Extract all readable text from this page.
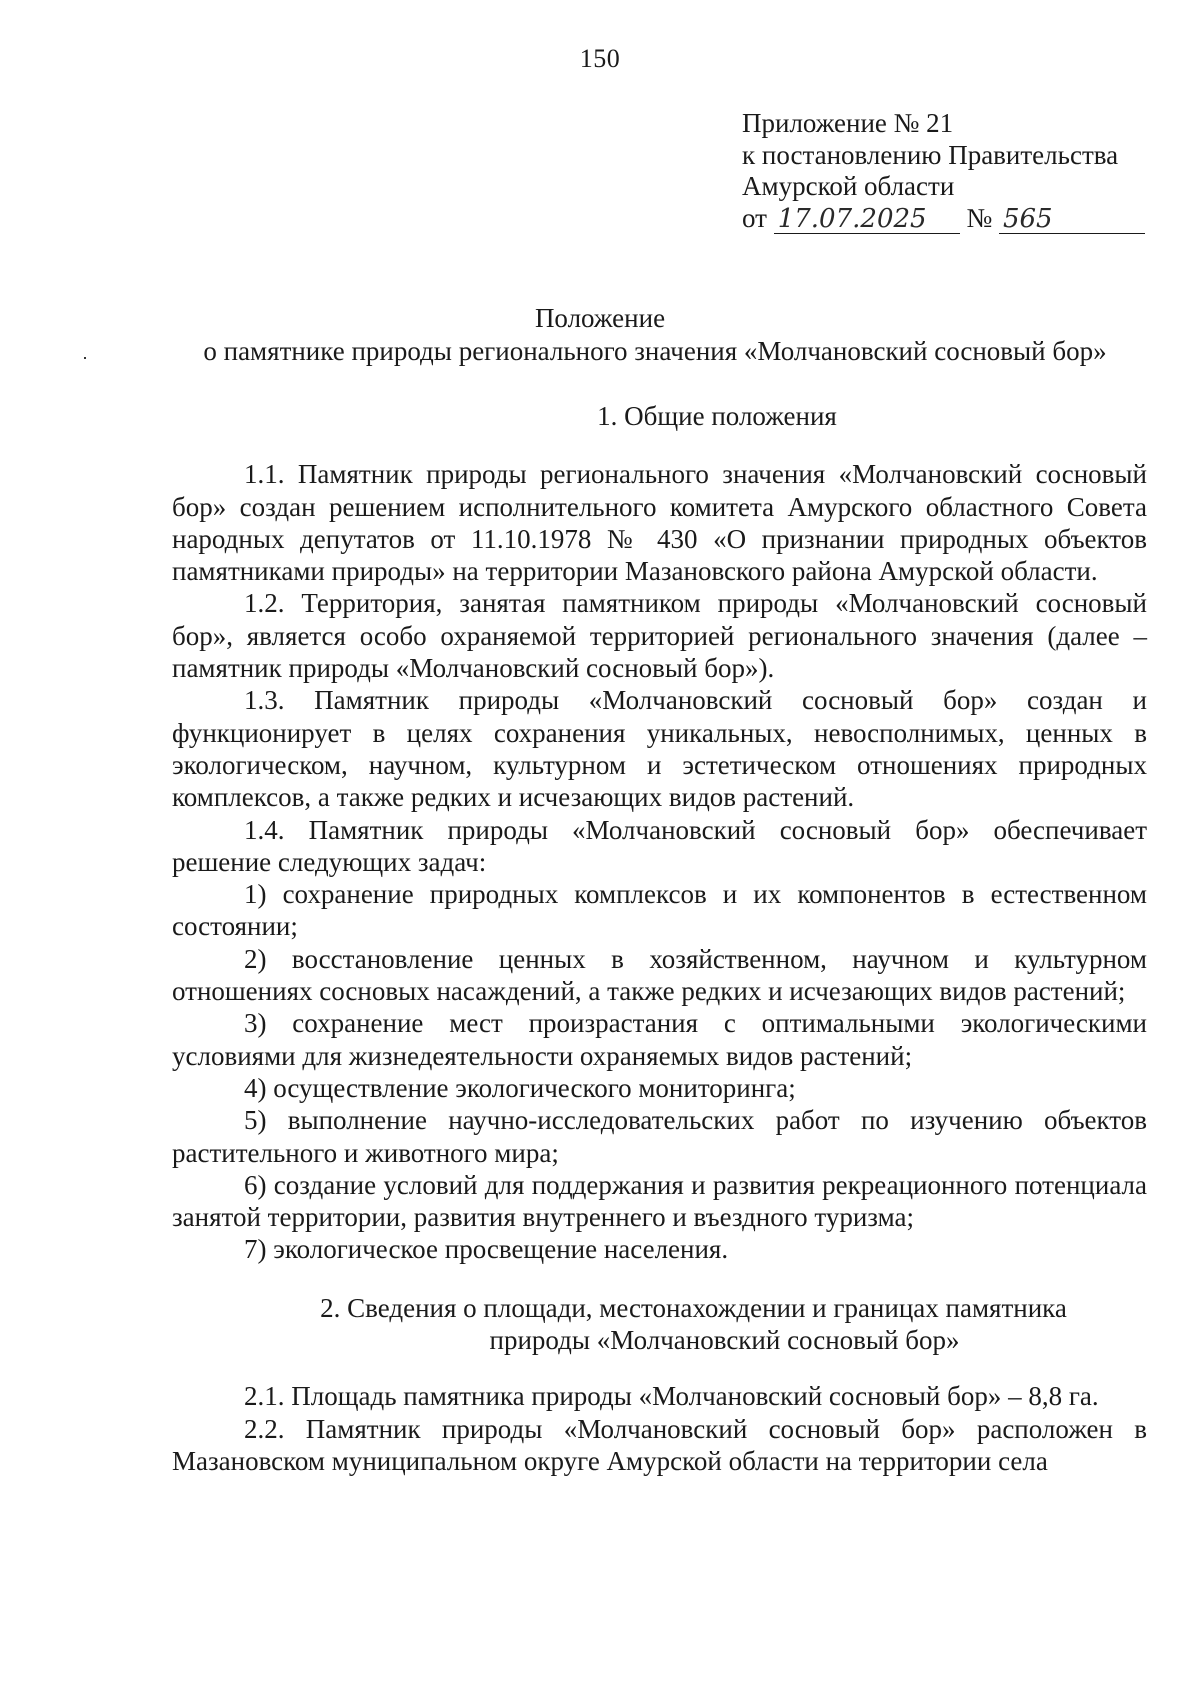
150
Приложение № 21
к постановлению Правительства
Амурской области
от 17.07.2025 № 565
Положение
о памятнике природы регионального значения «Молчановский сосновый бор»
1. Общие положения

1.1. Памятник природы регионального значения «Молчановский сосновый бор» создан решением исполнительного комитета Амурского областного Совета народных депутатов от 11.10.1978 № 430 «О признании природных объектов памятниками природы» на территории Мазановского района Амурской области.

1.2. Территория, занятая памятником природы «Молчановский сосновый бор», является особо охраняемой территорией регионального значения (далее – памятник природы «Молчановский сосновый бор»).

1.3. Памятник природы «Молчановский сосновый бор» создан и функционирует в целях сохранения уникальных, невосполнимых, ценных в экологическом, научном, культурном и эстетическом отношениях природных комплексов, а также редких и исчезающих видов растений.

1.4. Памятник природы «Молчановский сосновый бор» обеспечивает решение следующих задач:

1) сохранение природных комплексов и их компонентов в естественном состоянии;

2) восстановление ценных в хозяйственном, научном и культурном отношениях сосновых насаждений, а также редких и исчезающих видов растений;

3) сохранение мест произрастания с оптимальными экологическими условиями для жизнедеятельности охраняемых видов растений;

4) осуществление экологического мониторинга;

5) выполнение научно-исследовательских работ по изучению объектов растительного и животного мира;

6) создание условий для поддержания и развития рекреационного потенциала занятой территории, развития внутреннего и въездного туризма;

7) экологическое просвещение населения.

2. Сведения о площади, местонахождении и границах памятника
природы «Молчановский сосновый бор»

2.1. Площадь памятника природы «Молчановский сосновый бор» – 8,8 га.

2.2. Памятник природы «Молчановский сосновый бор» расположен в Мазановском муниципальном округе Амурской области на территории села
